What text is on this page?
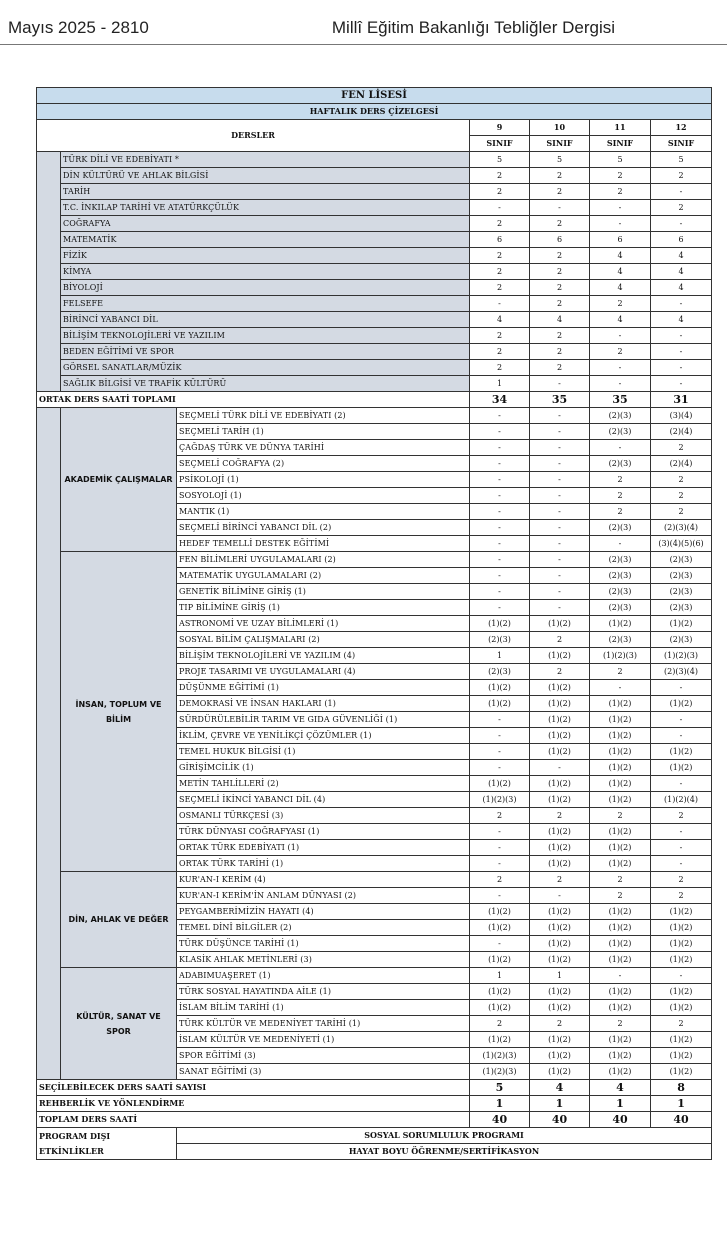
Mayıs 2025 - 2810	Millî Eğitim Bakanlığı Tebliğler Dergisi
FEN LİSESİ						
HAFTALIK DERS ÇİZELGESİ						
DERSLER			9	10	11	12
			SINIF	SINIF	SINIF	SINIF
	TÜRK DİLİ VE EDEBİYATI *		5	5	5	5
	DİN KÜLTÜRÜ VE AHLAK BİLGİSİ		2	2	2	2
	TARİH		2	2	2	-
	T.C. İNKILAP TARİHİ VE ATATÜRKÇÜLÜK		-	-	-	2
	COĞRAFYA		2	2	-	-
	MATEMATİK		6	6	6	6
	FİZİK		2	2	4	4
	KİMYA		2	2	4	4
	BİYOLOJİ		2	2	4	4
	FELSEFE		-	2	2	-
	BİRİNCİ YABANCI DİL		4	4	4	4
	BİLİŞİM TEKNOLOJİLERİ VE YAZILIM		2	2	-	-
	BEDEN EĞİTİMİ VE SPOR		2	2	2	-
	GÖRSEL SANATLAR/MÜZİK		2	2	-	-
	SAĞLIK BİLGİSİ VE TRAFİK KÜLTÜRÜ		1	-	-	-
ORTAK DERS SAATİ TOPLAMI			34	35	35	31
	AKADEMİK ÇALIŞMALAR	SEÇMELİ TÜRK DİLİ VE EDEBİYATI (2)	-	-	(2)(3)	(3)(4)
		SEÇMELİ TARİH (1)	-	-	(2)(3)	(2)(4)
		ÇAĞDAŞ TÜRK VE DÜNYA TARİHİ	-	-	-	2
		SEÇMELİ COĞRAFYA (2)	-	-	(2)(3)	(2)(4)
		PSİKOLOJİ (1)	-	-	2	2
		SOSYOLOJİ (1)	-	-	2	2
		MANTIK (1)	-	-	2	2
		SEÇMELİ BİRİNCİ YABANCI DİL (2)	-	-	(2)(3)	(2)(3)(4)
		HEDEF TEMELLİ DESTEK EĞİTİMİ	-	-	-	(3)(4)(5)(6)
	İNSAN, TOPLUM VE BİLİM	FEN BİLİMLERİ UYGULAMALARI (2)	-	-	(2)(3)	(2)(3)
		MATEMATİK UYGULAMALARI (2)	-	-	(2)(3)	(2)(3)
		GENETİK BİLİMİNE GİRİŞ (1)	-	-	(2)(3)	(2)(3)
		TIP BİLİMİNE GİRİŞ (1)	-	-	(2)(3)	(2)(3)
		ASTRONOMİ VE UZAY BİLİMLERİ (1)	(1)(2)	(1)(2)	(1)(2)	(1)(2)
		SOSYAL BİLİM ÇALIŞMALARI (2)	(2)(3)	2	(2)(3)	(2)(3)
		BİLİŞİM TEKNOLOJİLERİ VE YAZILIM (4)	1	(1)(2)	(1)(2)(3)	(1)(2)(3)
		PROJE TASARIMI VE UYGULAMALARI (4)	(2)(3)	2	2	(2)(3)(4)
		DÜŞÜNME EĞİTİMİ (1)	(1)(2)	(1)(2)	-	-
		DEMOKRASİ VE İNSAN HAKLARI (1)	(1)(2)	(1)(2)	(1)(2)	(1)(2)
		SÜRDÜRÜLEBİLİR TARIM VE GIDA GÜVENLİĞİ (1)	-	(1)(2)	(1)(2)	-
		İKLİM, ÇEVRE VE YENİLİKÇİ ÇÖZÜMLER (1)	-	(1)(2)	(1)(2)	-
		TEMEL HUKUK BİLGİSİ (1)	-	(1)(2)	(1)(2)	(1)(2)
		GİRİŞİMCİLİK (1)	-	-	(1)(2)	(1)(2)
		METİN TAHLİLLERİ (2)	(1)(2)	(1)(2)	(1)(2)	-
		SEÇMELİ İKİNCİ YABANCI DİL (4)	(1)(2)(3)	(1)(2)	(1)(2)	(1)(2)(4)
		OSMANLI TÜRKÇESİ (3)	2	2	2	2
		TÜRK DÜNYASI COĞRAFYASI (1)	-	(1)(2)	(1)(2)	-
		ORTAK TÜRK EDEBİYATI (1)	-	(1)(2)	(1)(2)	-
		ORTAK TÜRK TARİHİ (1)	-	(1)(2)	(1)(2)	-
	DİN, AHLAK VE DEĞER	KUR'AN-I KERİM (4)	2	2	2	2
		KUR'AN-I KERİM'İN ANLAM DÜNYASI (2)	-	-	2	2
		PEYGAMBERİMİZİN HAYATI (4)	(1)(2)	(1)(2)	(1)(2)	(1)(2)
		TEMEL DİNÎ BİLGİLER (2)	(1)(2)	(1)(2)	(1)(2)	(1)(2)
		TÜRK DÜŞÜNCE TARİHİ (1)	-	(1)(2)	(1)(2)	(1)(2)
		KLASİK AHLAK METİNLERİ (3)	(1)(2)	(1)(2)	(1)(2)	(1)(2)
	KÜLTÜR, SANAT VE SPOR	ADABIMUAŞERET (1)	1	1	-	-
		TÜRK SOSYAL HAYATINDA AİLE (1)	(1)(2)	(1)(2)	(1)(2)	(1)(2)
		İSLAM BİLİM TARİHİ (1)	(1)(2)	(1)(2)	(1)(2)	(1)(2)
		TÜRK KÜLTÜR VE MEDENİYET TARİHİ (1)	2	2	2	2
		İSLAM KÜLTÜR VE MEDENİYETİ (1)	(1)(2)	(1)(2)	(1)(2)	(1)(2)
		SPOR EĞİTİMİ (3)	(1)(2)(3)	(1)(2)	(1)(2)	(1)(2)
		SANAT EĞİTİMİ (3)	(1)(2)(3)	(1)(2)	(1)(2)	(1)(2)
SEÇİLEBİLECEK DERS SAATİ SAYISI			5	4	4	8
REHBERLİK VE YÖNLENDİRME			1	1	1	1
TOPLAM DERS SAATİ			40	40	40	40
PROGRAM DIŞI ETKİNLİKLER		SOSYAL SORUMLULUK PROGRAMI				
		HAYAT BOYU ÖĞRENME/SERTİFİKASYON				
